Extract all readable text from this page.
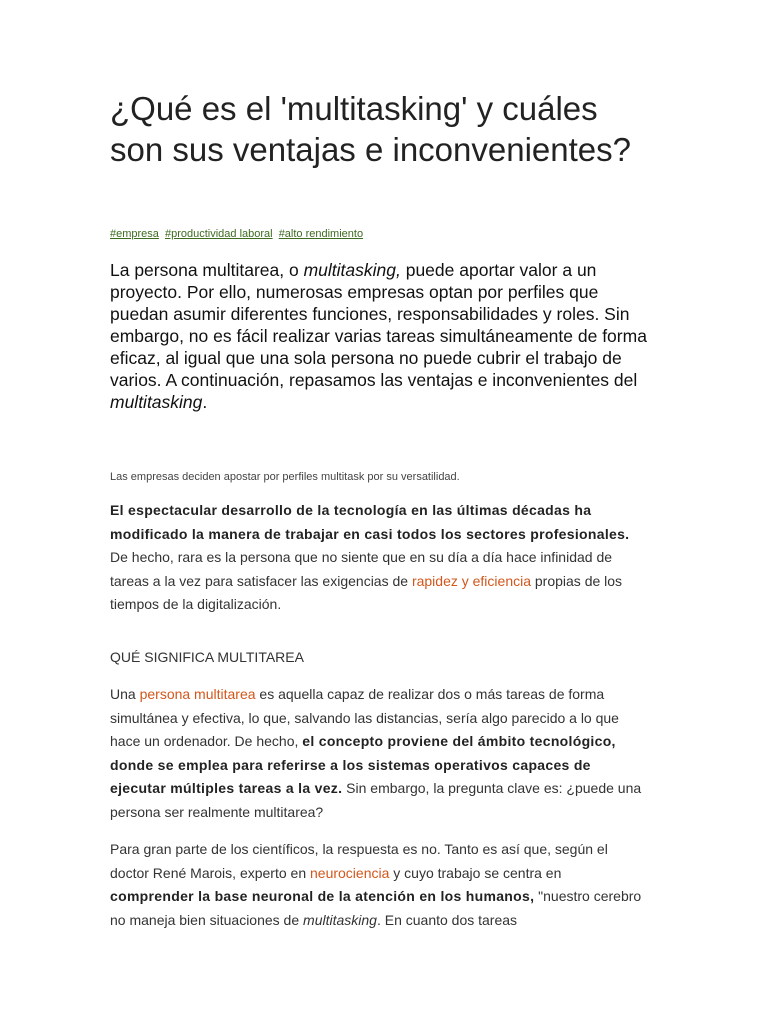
¿Qué es el 'multitasking' y cuáles son sus ventajas e inconvenientes?
#empresa #productividad laboral #alto rendimiento

La persona multitarea, o multitasking, puede aportar valor a un proyecto. Por ello, numerosas empresas optan por perfiles que puedan asumir diferentes funciones, responsabilidades y roles. Sin embargo, no es fácil realizar varias tareas simultáneamente de forma eficaz, al igual que una sola persona no puede cubrir el trabajo de varios. A continuación, repasamos las ventajas e inconvenientes del multitasking.

Las empresas deciden apostar por perfiles multitask por su versatilidad.

El espectacular desarrollo de la tecnología en las últimas décadas ha modificado la manera de trabajar en casi todos los sectores profesionales. De hecho, rara es la persona que no siente que en su día a día hace infinidad de tareas a la vez para satisfacer las exigencias de rapidez y eficiencia propias de los tiempos de la digitalización.

QUÉ SIGNIFICA MULTITAREA

Una persona multitarea es aquella capaz de realizar dos o más tareas de forma simultánea y efectiva, lo que, salvando las distancias, sería algo parecido a lo que hace un ordenador. De hecho, el concepto proviene del ámbito tecnológico, donde se emplea para referirse a los sistemas operativos capaces de ejecutar múltiples tareas a la vez. Sin embargo, la pregunta clave es: ¿puede una persona ser realmente multitarea?

Para gran parte de los científicos, la respuesta es no. Tanto es así que, según el doctor René Marois, experto en neurociencia y cuyo trabajo se centra en comprender la base neuronal de la atención en los humanos, "nuestro cerebro no maneja bien situaciones de multitasking. En cuanto dos tareas
